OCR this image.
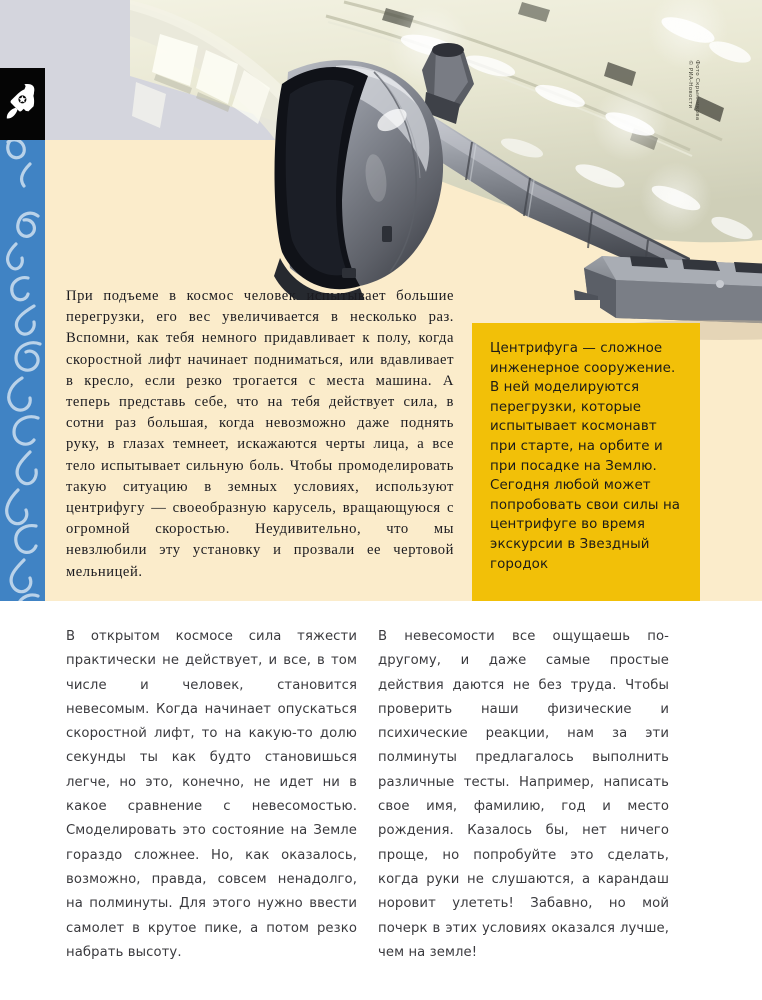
Фото Скрынникова
© РИА-Новости

При подъеме в космос человек испытывает большие перегрузки, его вес увеличивается в несколько раз. Вспомни, как тебя немного придавливает к полу, когда скоростной лифт начинает подниматься, или вдавливает в кресло, если резко трогается с места машина. А теперь представь себе, что на тебя действует сила, в сотни раз большая, когда невозможно даже поднять руку, в глазах темнеет, искажаются черты лица, а все тело испытывает сильную боль. Чтобы промоделировать такую ситуацию в земных условиях, используют центрифугу — своеобразную карусель, вращающуюся с огромной скоростью. Неудивительно, что мы невзлюбили эту установку и прозвали ее чертовой мельницей.

Центрифуга — сложное инженерное сооружение. В ней моделируются перегрузки, которые испытывает космонавт при старте, на орбите и при посадке на Землю. Сегодня любой может попробовать свои силы на центрифуге во время экскурсии в Звездный городок

В открытом космосе сила тяжести практически не действует, и все, в том числе и человек, становится невесомым. Когда начинает опускаться скоростной лифт, то на какую-то долю секунды ты как будто становишься легче, но это, конечно, не идет ни в какое сравнение с невесомостью. Смоделировать это состояние на Земле гораздо сложнее. Но, как оказалось, возможно, правда, совсем ненадолго, на полминуты. Для этого нужно ввести самолет в крутое пике, а потом резко набрать высоту.
В невесомости все ощущаешь по-другому, и даже самые простые действия даются не без труда. Чтобы проверить наши физические и психические реакции, нам за эти полминуты предлагалось выполнить различные тесты. Например, написать свое имя, фамилию, год и место рождения. Казалось бы, нет ничего проще, но попробуйте это сделать, когда руки не слушаются, а карандаш норовит улететь! Забавно, но мой почерк в этих условиях оказался лучше, чем на земле!
